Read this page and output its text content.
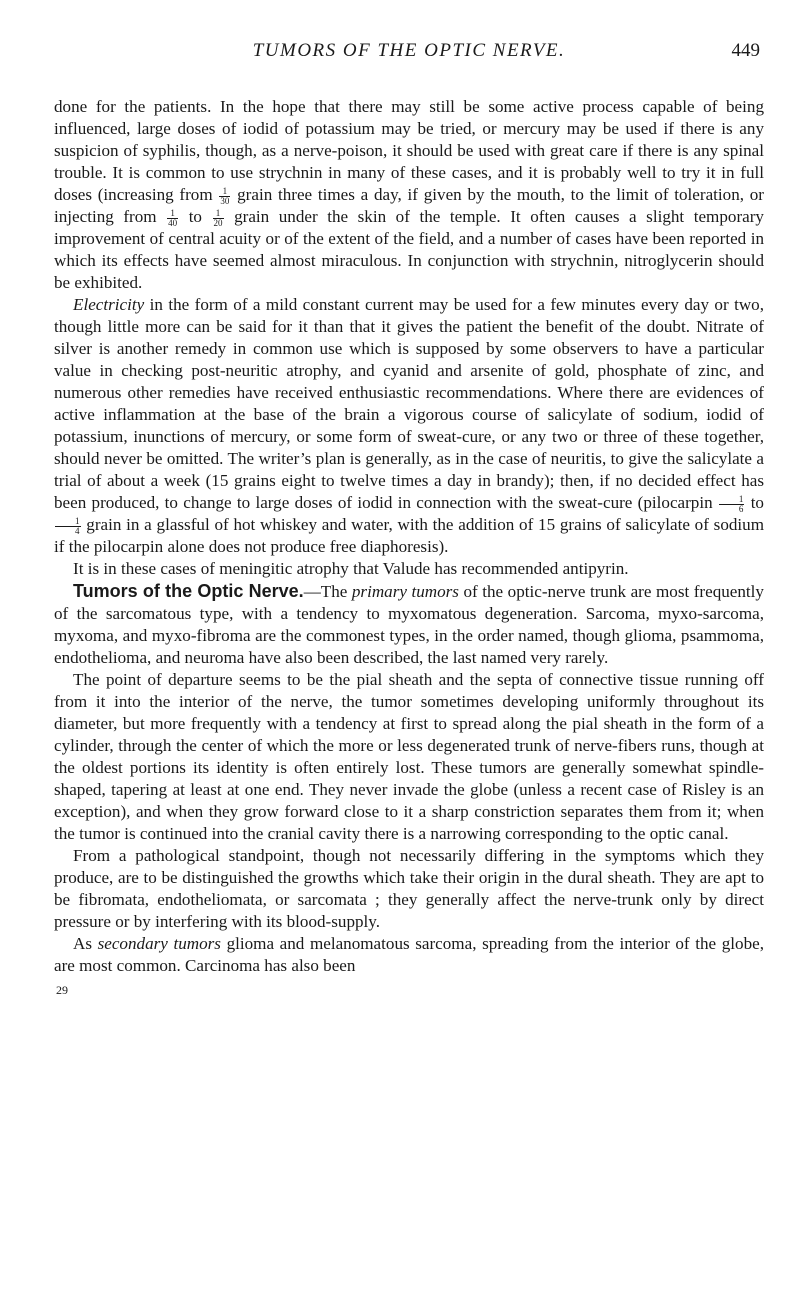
TUMORS OF THE OPTIC NERVE.	449

done for the patients. In the hope that there may still be some active process capable of being influenced, large doses of iodid of potassium may be tried, or mercury may be used if there is any suspicion of syphilis, though, as a nerve-poison, it should be used with great care if there is any spinal trouble. It is common to use strychnin in many of these cases, and it is probably well to try it in full doses (increasing from $\frac{1}{30}$ grain three times a day, if given by the mouth, to the limit of toleration, or injecting from $\frac{1}{40}$ to $\frac{1}{20}$ grain under the skin of the temple. It often causes a slight temporary improvement of central acuity or of the extent of the field, and a number of cases have been reported in which its effects have seemed almost miraculous. In conjunction with strychnin, nitroglycerin should be exhibited.

Electricity in the form of a mild constant current may be used for a few minutes every day or two, though little more can be said for it than that it gives the patient the benefit of the doubt. Nitrate of silver is another remedy in common use which is supposed by some observers to have a particular value in checking post-neuritic atrophy, and cyanid and arsenite of gold, phosphate of zinc, and numerous other remedies have received enthusiastic recommendations. Where there are evidences of active inflammation at the base of the brain a vigorous course of salicylate of sodium, iodid of potassium, inunctions of mercury, or some form of sweat-cure, or any two or three of these together, should never be omitted. The writer’s plan is generally, as in the case of neuritis, to give the salicylate a trial of about a week (15 grains eight to twelve times a day in brandy); then, if no decided effect has been produced, to change to large doses of iodid in connection with the sweat-cure (pilocarpin $\frac{1}{6}$ to
$\frac{1}{4}$ grain in a glassful of hot whiskey and water, with the addition of 15 grains of salicylate of sodium if the pilocarpin alone does not produce free diaphoresis).

It is in these cases of meningitic atrophy that Valude has recommended antipyrin.

Tumors of the Optic Nerve.—The primary tumors of the optic-nerve trunk are most frequently of the sarcomatous type, with a tendency to myxomatous degeneration. Sarcoma, myxo-sarcoma, myxoma, and myxo-fibroma are the commonest types, in the order named, though glioma, psammoma, endothelioma, and neuroma have also been described, the last named very rarely.

The point of departure seems to be the pial sheath and the septa of connective tissue running off from it into the interior of the nerve, the tumor sometimes developing uniformly throughout its diameter, but more frequently with a tendency at first to spread along the pial sheath in the form of a cylinder, through the center of which the more or less degenerated trunk of nerve-fibers runs, though at the oldest portions its identity is often entirely lost. These tumors are generally somewhat spindle-shaped, tapering at least at one end. They never invade the globe (unless a recent case of Risley is an exception), and when they grow forward close to it a sharp constriction separates them from it; when the tumor is continued into the cranial cavity there is a narrowing corresponding to the optic canal.

From a pathological standpoint, though not necessarily differing in the symptoms which they produce, are to be distinguished the growths which take their origin in the dural sheath. They are apt to be fibromata, endotheliomata, or sarcomata ; they generally affect the nerve-trunk only by direct pressure or by interfering with its blood-supply.

As secondary tumors glioma and melanomatous sarcoma, spreading from the interior of the globe, are most common. Carcinoma has also been

29
